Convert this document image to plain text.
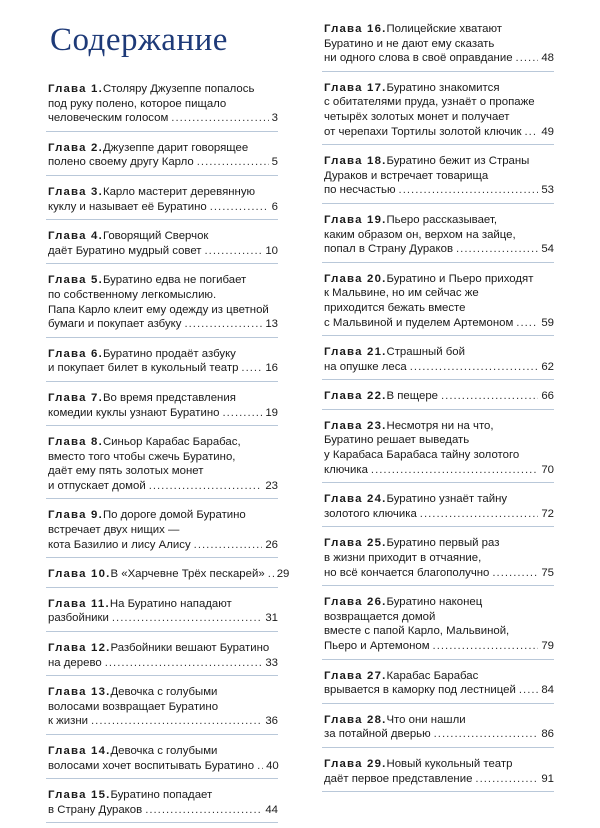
Содержание
Глава 1. Столяру Джузеппе попалось
под руку полено, которое пищало
человеческим голосом .....	3
Глава 2. Джузеппе дарит говорящее
полено своему другу Карло .....	5
Глава 3. Карло мастерит деревянную
куклу и называет её Буратино .....	6
Глава 4. Говорящий Сверчок
даёт Буратино мудрый совет .....	10
Глава 5. Буратино едва не погибает
по собственному легкомыслию.
Папа Карло клеит ему одежду из цветной
бумаги и покупает азбуку .....	13
Глава 6. Буратино продаёт азбуку
и покупает билет в кукольный театр ..... 16
Глава 7. Во время представления
комедии куклы узнают Буратино .....	19
Глава 8. Синьор Карабас Барабас,
вместо того чтобы сжечь Буратино,
даёт ему пять золотых монет
и отпускает домой .....	23
Глава 9. По дороге домой Буратино
встречает двух нищих —
кота Базилио и лису Алису .....	26
Глава 10. В «Харчевне Трёх пескарей» ..... 29
Глава 11. На Буратино нападают
разбойники .....	31
Глава 12. Разбойники вешают Буратино
на дерево .....	33
Глава 13. Девочка с голубыми
волосами возвращает Буратино
к жизни .....	36
Глава 14. Девочка с голубыми
волосами хочет воспитывать Буратино ..... 40
Глава 15. Буратино попадает
в Страну Дураков .....	44
Глава 16. Полицейские хватают
Буратино и не дают ему сказать
ни одного слова в своё оправдание .....	48
Глава 17. Буратино знакомится
с обитателями пруда, узнаёт о пропаже
четырёх золотых монет и получает
от черепахи Тортилы золотой ключик ..... 49
Глава 18. Буратино бежит из Страны
Дураков и встречает товарища
по несчастью .....	53
Глава 19. Пьеро рассказывает,
каким образом он, верхом на зайце,
попал в Страну Дураков .....	54
Глава 20. Буратино и Пьеро приходят
к Мальвине, но им сейчас же
приходится бежать вместе
с Мальвиной и пуделем Артемоном ..... 59
Глава 21. Страшный бой
на опушке леса .....	62
Глава 22. В пещере .....	66
Глава 23. Несмотря ни на что,
Буратино решает выведать
у Карабаса Барабаса тайну золотого
ключика .....	70
Глава 24. Буратино узнаёт тайну
золотого ключика .....	72
Глава 25. Буратино первый раз
в жизни приходит в отчаяние,
но всё кончается благополучно .....	75
Глава 26. Буратино наконец
возвращается домой
вместе с папой Карло, Мальвиной,
Пьеро и Артемоном .....	79
Глава 27. Карабас Барабас
врывается в каморку под лестницей ..... 84
Глава 28. Что они нашли
за потайной дверью .....	86
Глава 29. Новый кукольный театр
даёт первое представление .....	91
